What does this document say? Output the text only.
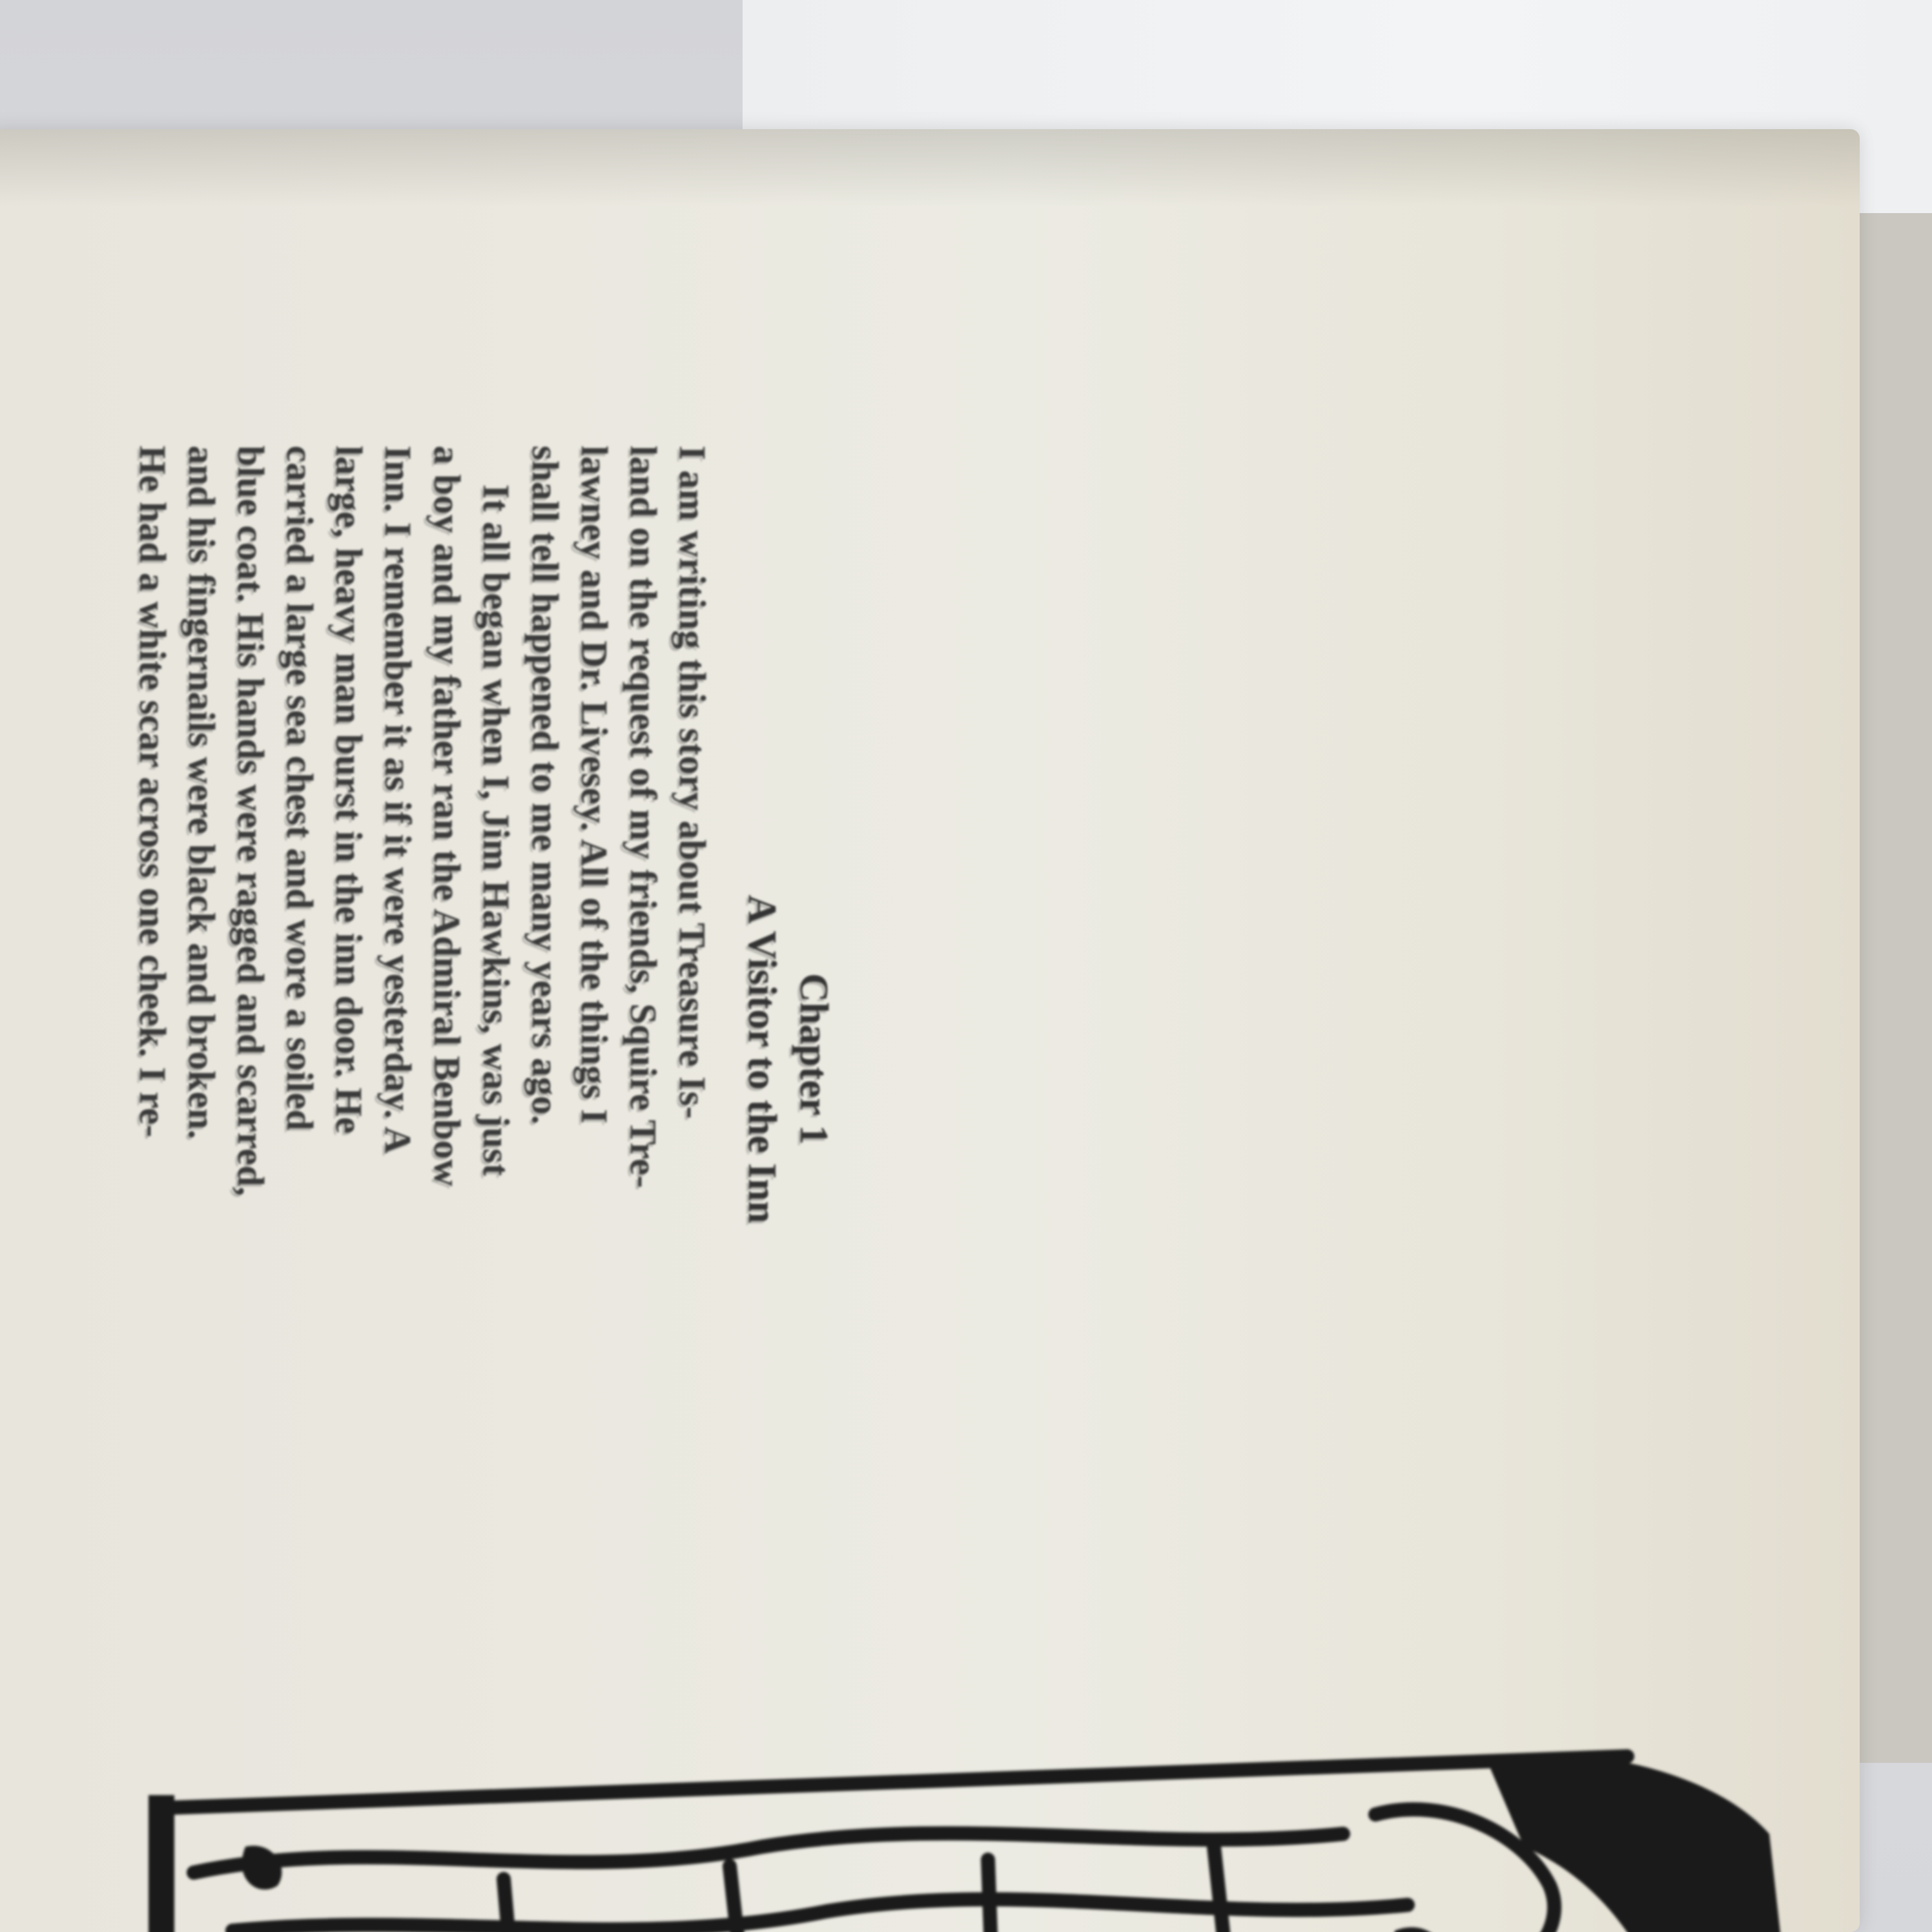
Chapter 1
A Visitor to the Inn
I am writing this story about Treasure Is-
land on the request of my friends, Squire Tre-
lawney and Dr. Livesey. All of the things I
shall tell happened to me many years ago.
It all began when I, Jim Hawkins, was just
a boy and my father ran the Admiral Benbow
Inn. I remember it as if it were yesterday. A
large, heavy man burst in the inn door. He
carried a large sea chest and wore a soiled
blue coat. His hands were ragged and scarred,
and his fingernails were black and broken.
He had a white scar across one cheek. I re-
